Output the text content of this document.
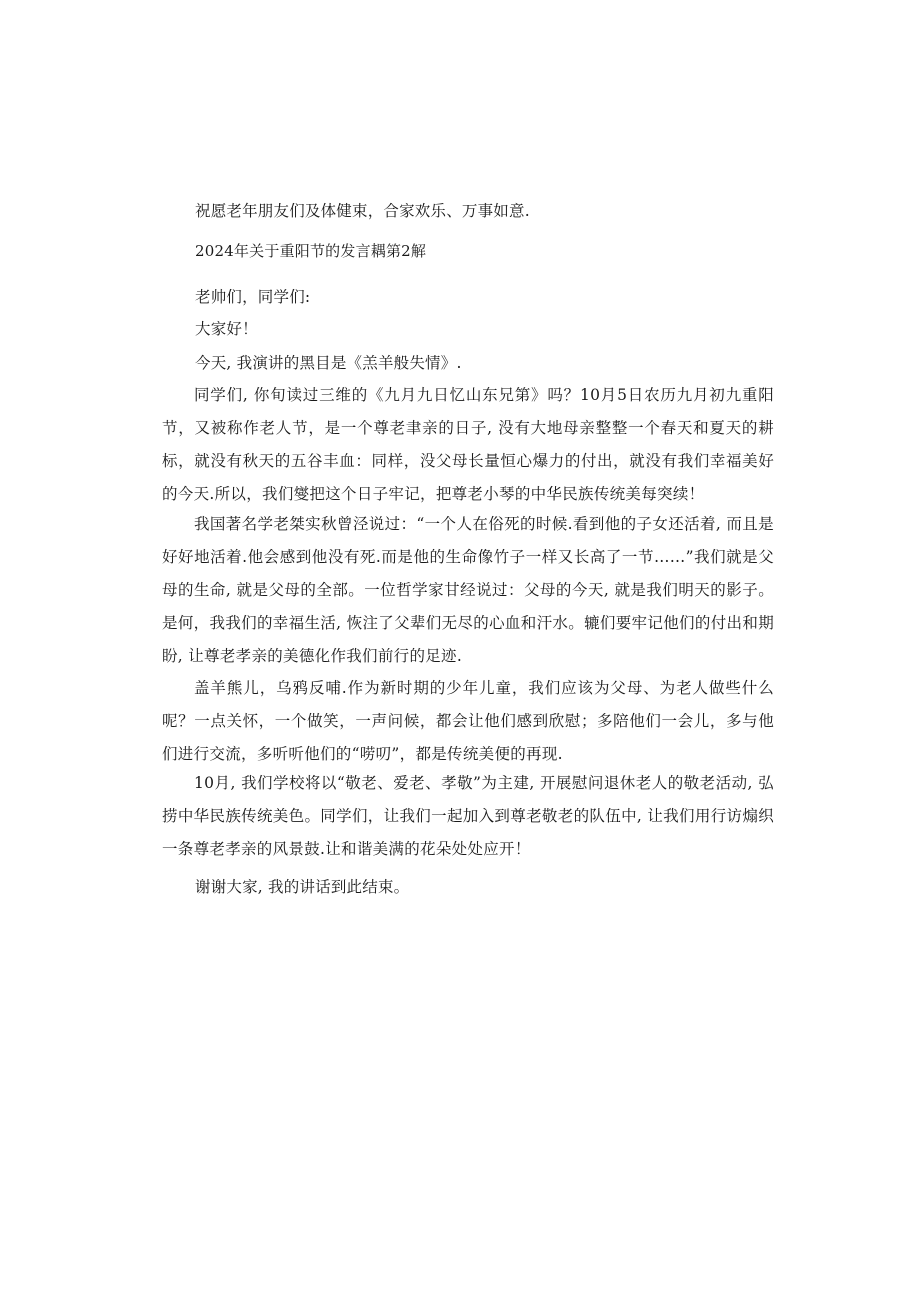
祝愿老年朋友们及体健束，合家欢乐、万事如意.
2024年关于重阳节的发言耦第2解
老帅们，同学们:
大家好！
今天, 我演讲的黑目是《羔羊般失情》.

同学们, 你旬读过三维的《九月九日忆山东兄第》吗？10月5日农历九月初九重阳节，又被称作老人节，是一个尊老聿亲的日子, 没有大地母亲整整一个春天和夏天的耕标，就没有秋天的五谷丰血：同样，没父母长量恒心爆力的付出，就没有我们幸福美好的今天.所以，我们燮把这个日子牢记，把尊老小琴的中华民族传统美每突续！

我国著名学老桀实秋曾泾说过：“一个人在俗死的时候.看到他的子女还活着, 而且是好好地活着.他会感到他没有死.而是他的生命像竹子一样又长高了一节……”我们就是父母的生命, 就是父母的全部。一位哲学家甘经说过：父母的今天, 就是我们明天的影子。是何，我我们的幸福生活, 恢注了父辈们无尽的心血和汗水。辘们要牢记他们的付出和期盼, 让尊老孝亲的美德化作我们前行的足迹.

盖羊熊儿，乌鸦反哺.作为新时期的少年儿童，我们应该为父母、为老人做些什么呢？一点关怀，一个做笑，一声问候，都会让他们感到欣慰；多陪他们一会儿，多与他们进行交流，多听听他们的“唠叨”，都是传统美便的再现.

10月, 我们学校将以“敬老、爱老、孝敬”为主建, 开展慰问退休老人的敬老活动, 弘捞中华民族传统美色。同学们，让我们一起加入到尊老敬老的队伍中, 让我们用行访煽织一条尊老孝亲的风景鼓.让和谐美满的花朵处处应开！

谢谢大家, 我的讲话到此结束。
